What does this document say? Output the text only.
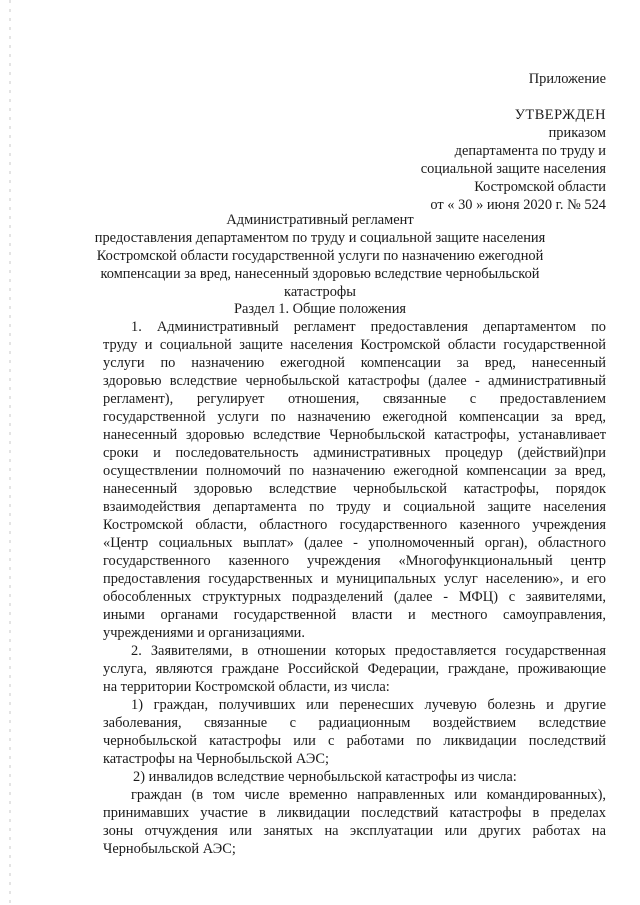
Приложение
УТВЕРЖДЕН
приказом
департамента по труду и
социальной защите населения
Костромской области
от « 30 » июня 2020 г. № 524
Административный регламент
предоставления департаментом по труду и социальной защите населения
Костромской области государственной услуги по назначению ежегодной
компенсации за вред, нанесенный здоровью вследствие чернобыльской
катастрофы
Раздел 1. Общие положения
1. Административный регламент предоставления департаментом по
труду и социальной защите населения Костромской области государственной
услуги по назначению ежегодной компенсации за вред, нанесенный
здоровью вследствие чернобыльской катастрофы (далее - административный
регламент), регулирует отношения, связанные с предоставлением
государственной услуги по назначению ежегодной компенсации за вред,
нанесенный здоровью вследствие Чернобыльской катастрофы, устанавливает
сроки и последовательность административных процедур (действий)при
осуществлении полномочий по назначению ежегодной компенсации за вред,
нанесенный здоровью вследствие чернобыльской катастрофы, порядок
взаимодействия департамента по труду и социальной защите населения
Костромской области, областного государственного казенного учреждения
«Центр социальных выплат» (далее - уполномоченный орган), областного
государственного казенного учреждения «Многофункциональный центр
предоставления государственных и муниципальных услуг населению», и его
обособленных структурных подразделений (далее - МФЦ) с заявителями,
иными органами государственной власти и местного самоуправления,
учреждениями и организациями.
2. Заявителями, в отношении которых предоставляется государственная
услуга, являются граждане Российской Федерации, граждане, проживающие
на территории Костромской области, из числа:
1) граждан, получивших или перенесших лучевую болезнь и другие
заболевания, связанные с радиационным воздействием вследствие
чернобыльской катастрофы или с работами по ликвидации последствий
катастрофы на Чернобыльской АЭС;
2) инвалидов вследствие чернобыльской катастрофы из числа:
граждан (в том числе временно направленных или командированных),
принимавших участие в ликвидации последствий катастрофы в пределах
зоны отчуждения или занятых на эксплуатации или других работах на
Чернобыльской АЭС;
